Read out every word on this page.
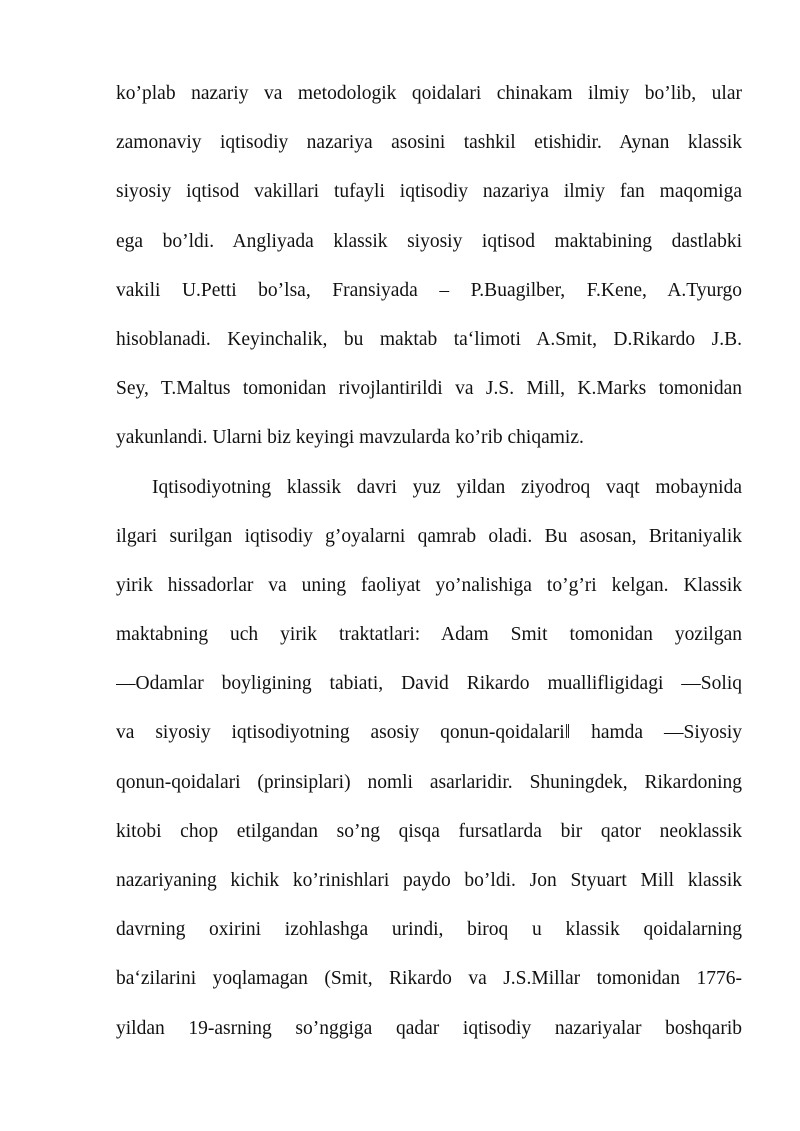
ko’plab nazariy va metodologik qoidalari chinakam ilmiy bo’lib, ular
zamonaviy iqtisodiy nazariya asosini tashkil etishidir. Aynan klassik
siyosiy iqtisod vakillari tufayli iqtisodiy nazariya ilmiy fan maqomiga
ega bo’ldi. Angliyada klassik siyosiy iqtisod maktabining dastlabki
vakili U.Petti bo’lsa, Fransiyada – P.Buagilber, F.Kene, A.Tyurgo
hisoblanadi. Keyinchalik, bu maktab ta‘limoti A.Smit, D.Rikardo J.B.
Sey, T.Maltus tomonidan rivojlantirildi va J.S. Mill, K.Marks tomonidan
yakunlandi. Ularni biz keyingi mavzularda ko’rib chiqamiz.
Iqtisodiyotning klassik davri yuz yildan ziyodroq vaqt mobaynida
ilgari surilgan iqtisodiy g’oyalarni qamrab oladi. Bu asosan, Britaniyalik
yirik hissadorlar va uning faoliyat yo’nalishiga to’g’ri kelgan. Klassik
maktabning uch yirik traktatlari: Adam Smit tomonidan yozilgan
―Odamlar boyligining tabiati, David Rikardo muallifligidagi ―Soliq
va siyosiy iqtisodiyotning asosiy qonun-qoidalari‖ hamda ―Siyosiy
qonun-qoidalari (prinsiplari) nomli asarlaridir. Shuningdek, Rikardoning
kitobi chop etilgandan so’ng qisqa fursatlarda bir qator neoklassik
nazariyaning kichik ko’rinishlari paydo bo’ldi. Jon Styuart Mill klassik
davrning oxirini izohlashga urindi, biroq u klassik qoidalarning
ba‘zilarini yoqlamagan (Smit, Rikardo va J.S.Millar tomonidan 1776-
yildan 19-asrning so’nggiga qadar iqtisodiy nazariyalar boshqarib
